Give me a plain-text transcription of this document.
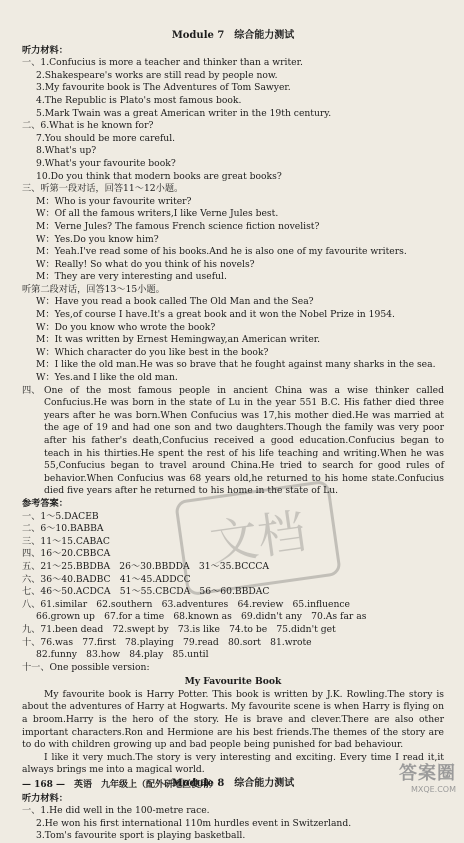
Module 7　综合能力测试
听力材料：
一、1.Confucius is more a teacher and thinker than a writer.
2.Shakespeare's works are still read by people now.
3.My favourite book is The Adventures of Tom Sawyer.
4.The Republic is Plato's most famous book.
5.Mark Twain was a great American writer in the 19th century.
二、6.What is he known for?
7.You should be more careful.
8.What's up?
9.What's your favourite book?
10.Do you think that modern books are great books?
三、听第一段对话，回答11～12小题。
M：Who is your favourite writer?
W：Of all the famous writers,I like Verne Jules best.
M：Verne Jules? The famous French science fiction novelist?
W：Yes.Do you know him?
M：Yeah.I've read some of his books.And he is also one of my favourite writers.
W：Really! So what do you think of his novels?
M：They are very interesting and useful.
听第二段对话，回答13～15小题。
W：Have you read a book called The Old Man and the Sea?
M：Yes,of course I have.It's a great book and it won the Nobel Prize in 1954.
W：Do you know who wrote the book?
M：It was written by Ernest Hemingway,an American writer.
W：Which character do you like best in the book?
M：I like the old man.He was so brave that he fought against many sharks in the sea.
W：Yes.and I like the old man.
四、 One of the most famous people in ancient China was a wise thinker called Confucius.He was born in the state of Lu in the year 551 B.C. His father died three years after he was born.When Confucius was 17,his mother died.He was married at the age of 19 and had one son and two daughters.Though the family was very poor after his father's death,Confucius received a good education.Confucius began to teach in his thirties.He spent the rest of his life teaching and writing.When he was 55,Confucius began to travel around China.He tried to search for good rules of behavior.When Confucius was 68 years old,he returned to his home state.Confucius died five years after he returned to his home in the state of Lu.
参考答案：
一、1～5.DACEB
二、6～10.BABBA
三、11～15.CABAC
四、16～20.CBBCA
五、21～25.BBDBA　26～30.BBDDA　31～35.BCCCA
六、36～40.BADBC　41～45.ADDCC
七、46～50.ACDCA　51～55.CBCDA　56～60.BBDAC
八、61.similar　62.southern　63.adventures　64.review　65.influence
66.grown up　67.for a time　68.known as　69.didn't any　70.As far as
九、71.been dead　72.swept by　73.is like　74.to be　75.didn't get
十、76.was　77.first　78.playing　79.read　80.sort　81.wrote
82.funny　83.how　84.play　85.until
十一、One possible version:
My Favourite Book
My favourite book is Harry Potter. This book is written by J.K. Rowling.The story is about the adventures of Harry at Hogwarts. My favourite scene is when Harry is flying on a broom.Harry is the hero of the story. He is brave and clever.There are also other important characters.Ron and Hermione are his best friends.The themes of the story are to do with children growing up and bad people being punished for bad behaviour.
I like it very much.The story is very interesting and exciting. Every time I read it,it always brings me into a magical world.
Module 8　综合能力测试
听力材料：
一、1.He did well in the 100-metre race.
2.He won his first international 110m hurdles event in Switzerland.
3.Tom's favourite sport is playing basketball.
文档
— 168 —　英语　九年级上（配外研地区使用）
答案圈
MXQE.COM
